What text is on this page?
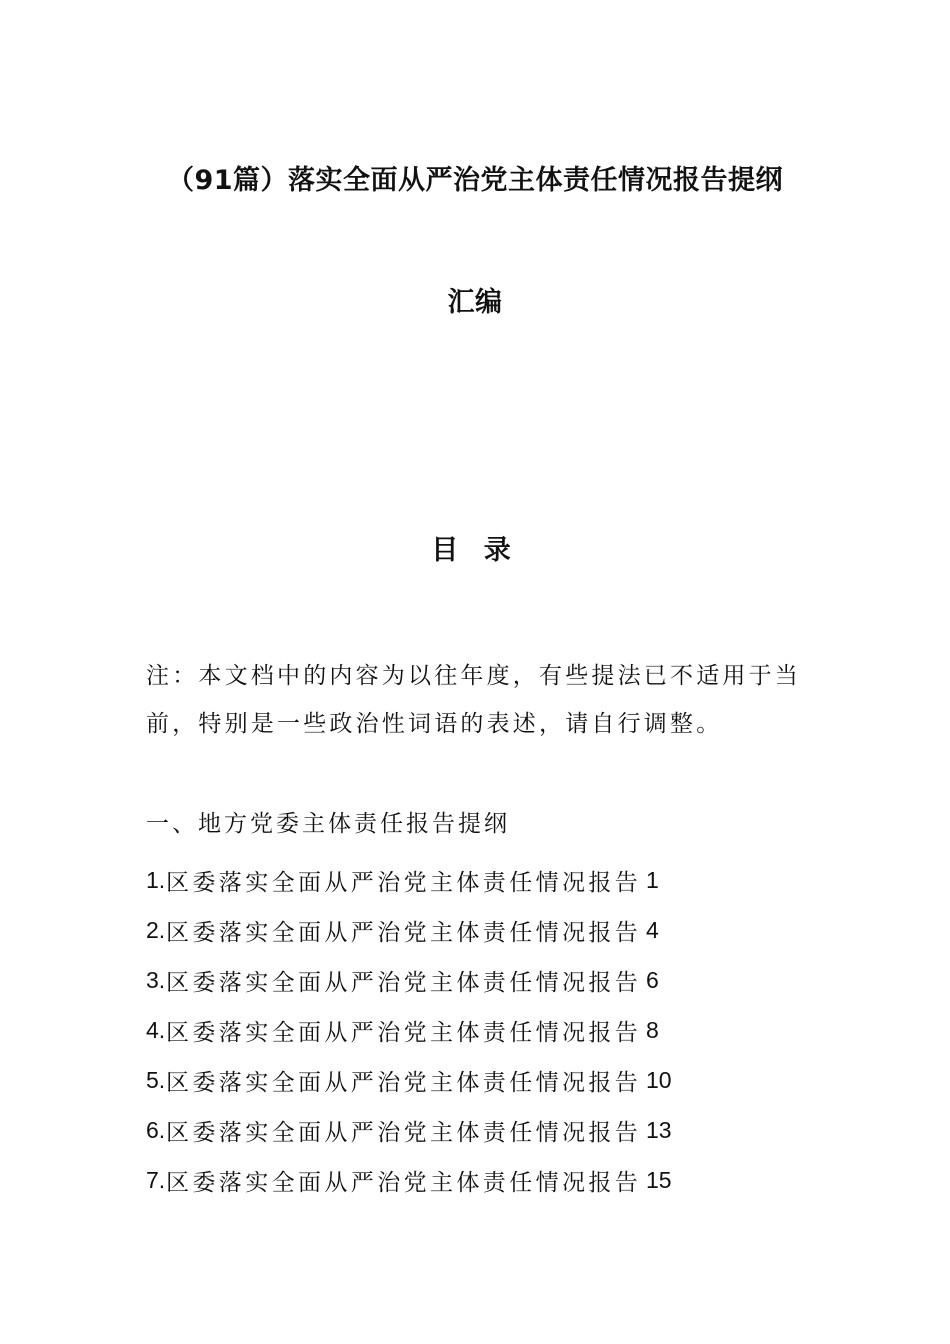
（91篇）落实全面从严治党主体责任情况报告提纲
汇编
目 录

注：本文档中的内容为以往年度，有些提法已不适用于当前，特别是一些政治性词语的表述，请自行调整。

一、地方党委主体责任报告提纲
1. 区委落实全面从严治党主体责任情况报告 1
2. 区委落实全面从严治党主体责任情况报告 4
3. 区委落实全面从严治党主体责任情况报告 6
4. 区委落实全面从严治党主体责任情况报告 8
5. 区委落实全面从严治党主体责任情况报告 10
6. 区委落实全面从严治党主体责任情况报告 13
7. 区委落实全面从严治党主体责任情况报告 15
